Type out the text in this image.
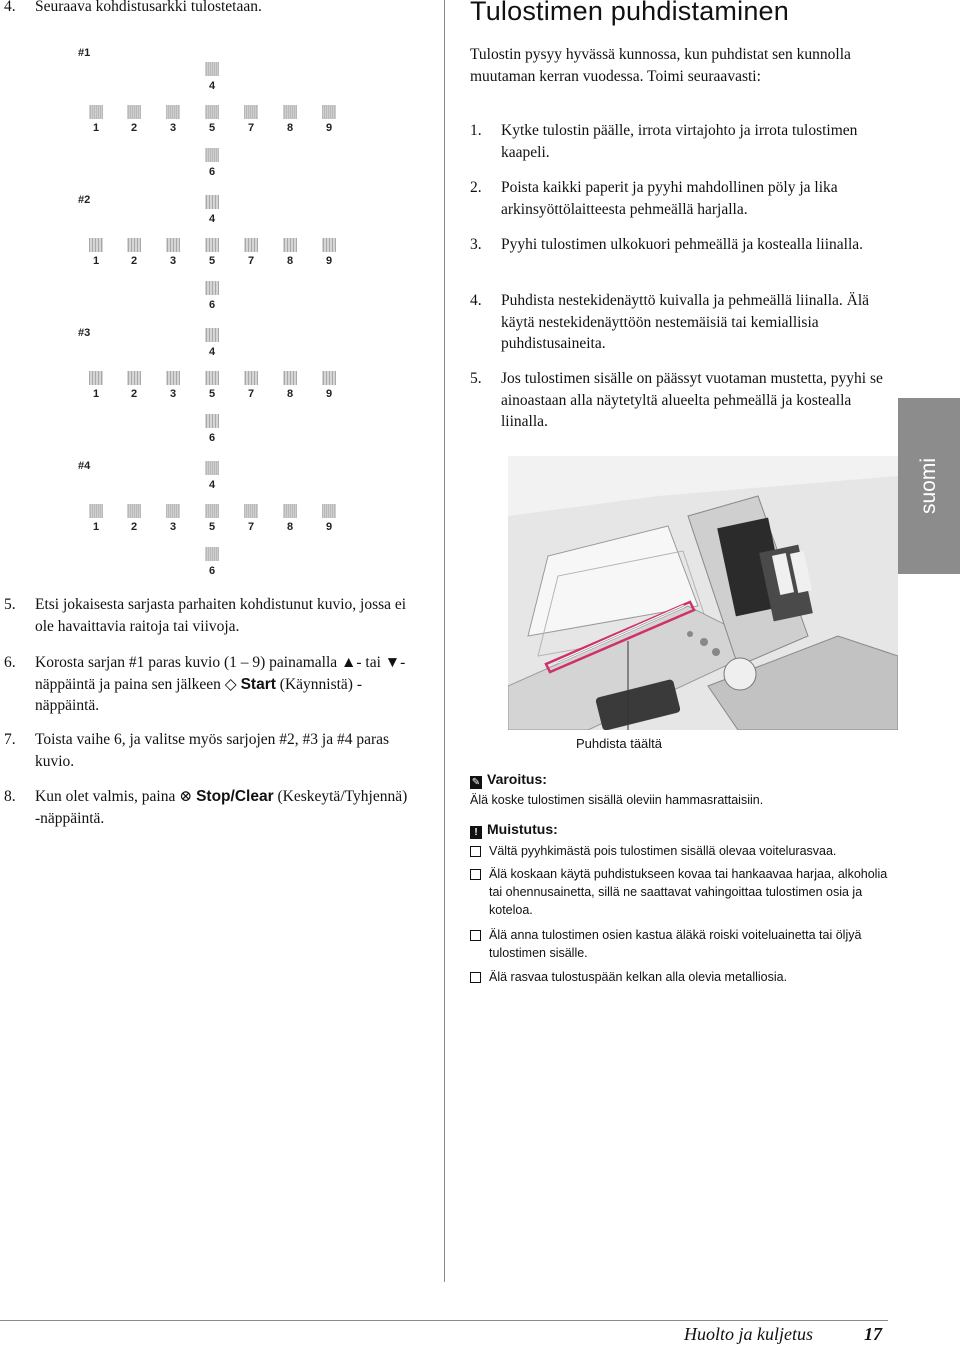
4. Seuraava kohdistusarkki tulostetaan.

#1
4
1	2	3	5	7	8	9
6
#2
4
1	2	3	5	7	8	9
6
#3
4
1	2	3	5	7	8	9
6
#4
4
1	2	3	5	7	8	9
6

5. Etsi jokaisesta sarjasta parhaiten kohdistunut kuvio, jossa ei ole havaittavia raitoja tai viivoja.

6. Korosta sarjan #1 paras kuvio (1 – 9) painamalla ▲- tai ▼-näppäintä ja paina sen jälkeen ◇ Start (Käynnistä) -näppäintä.

7. Toista vaihe 6, ja valitse myös sarjojen #2, #3 ja #4 paras kuvio.

8. Kun olet valmis, paina ⊗ Stop/Clear (Keskeytä/Tyhjennä) -näppäintä.

Tulostimen puhdistaminen

Tulostin pysyy hyvässä kunnossa, kun puhdistat sen kunnolla muutaman kerran vuodessa. Toimi seuraavasti:

1. Kytke tulostin päälle, irrota virtajohto ja irrota tulostimen kaapeli.

2. Poista kaikki paperit ja pyyhi mahdollinen pöly ja lika arkinsyöttölaitteesta pehmeällä harjalla.

3. Pyyhi tulostimen ulkokuori pehmeällä ja kostealla liinalla.

4. Puhdista nestekidenäyttö kuivalla ja pehmeällä liinalla. Älä käytä nestekidenäyttöön nestemäisiä tai kemiallisia puhdistusaineita.

5. Jos tulostimen sisälle on päässyt vuotaman mustetta, pyyhi se ainoastaan alla näytetyltä alueelta pehmeällä ja kostealla liinalla.

suomi
Puhdista täältä
✎ Varoitus:
Älä koske tulostimen sisällä oleviin hammasrattaisiin.
! Muistutus:
Vältä pyyhkimästä pois tulostimen sisällä olevaa voitelurasvaa.
Älä koskaan käytä puhdistukseen kovaa tai hankaavaa harjaa, alkoholia tai ohennusainetta, sillä ne saattavat vahingoittaa tulostimen osia ja koteloa.
Älä anna tulostimen osien kastua äläkä roiski voiteluainetta tai öljyä tulostimen sisälle.
Älä rasvaa tulostuspään kelkan alla olevia metalliosia.
Huolto ja kuljetus	17
